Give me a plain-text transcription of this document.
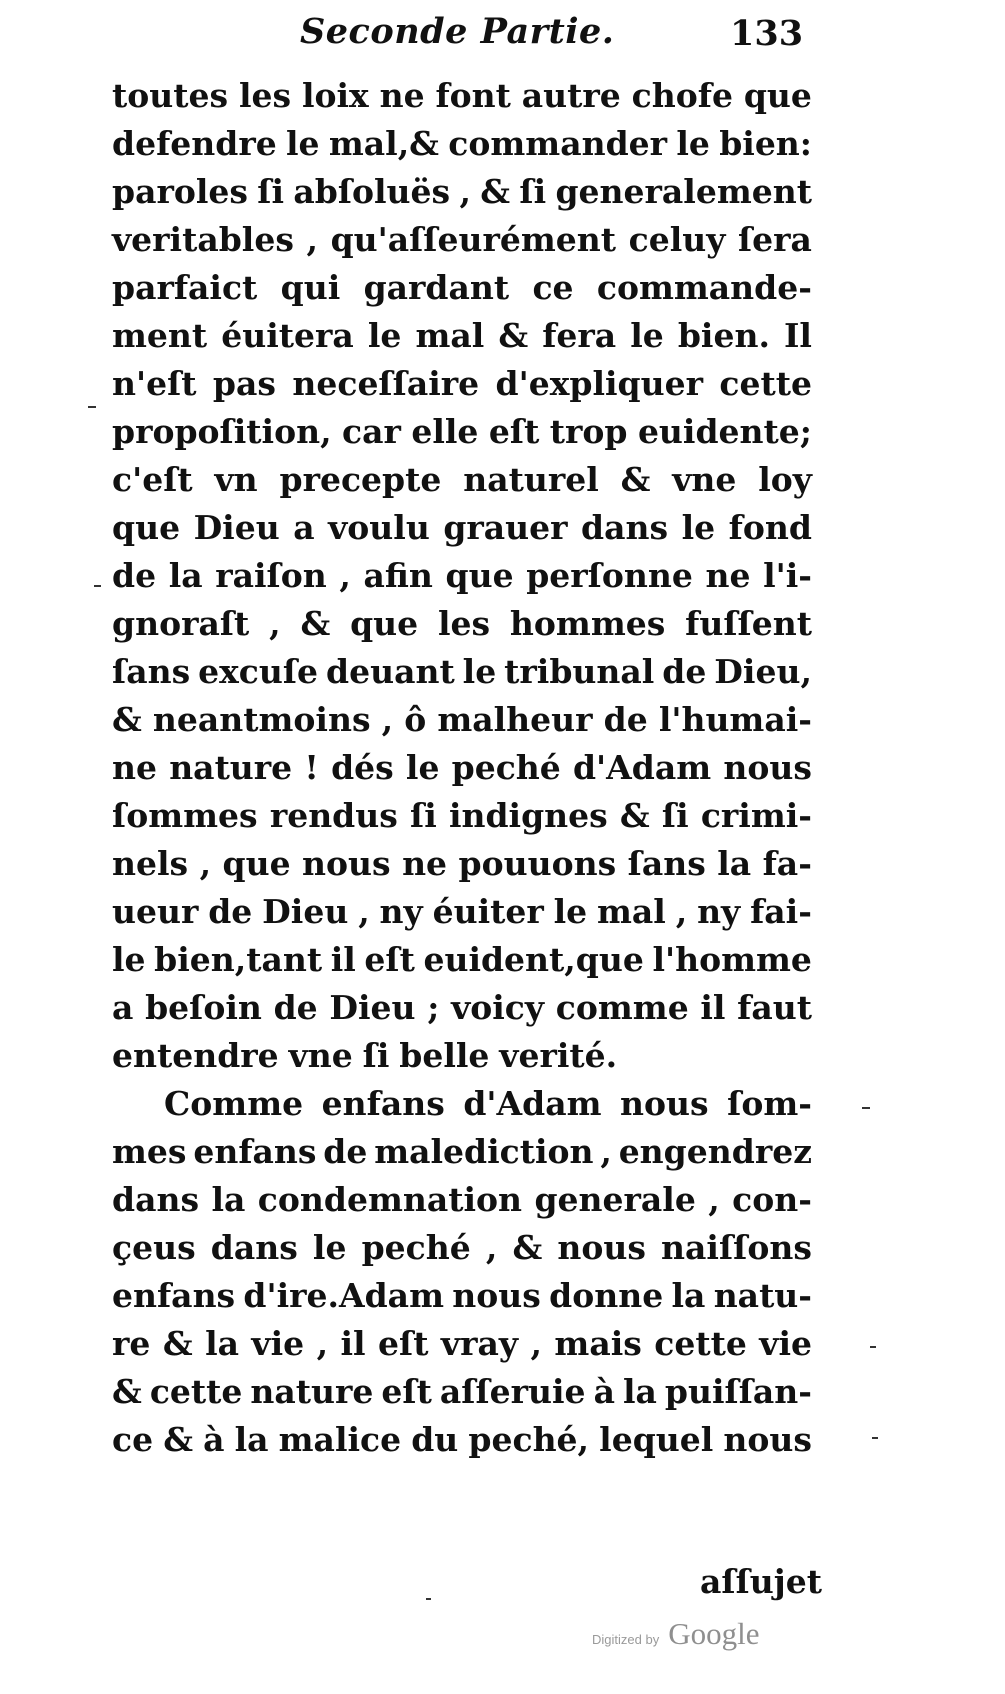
Seconde Partie.	133
toutes les loix ne font autre chofe que
defendre le mal,& commander le bien:
paroles ſi abſoluës , & ſi generalement
veritables , qu'aſſeurément celuy ſera
parfaict qui gardant ce commande-
ment éuitera le mal & fera le bien. Il
n'eſt pas neceſſaire d'expliquer cette
propoſition, car elle eſt trop euidente;
c'eſt vn precepte naturel & vne loy
que Dieu a voulu grauer dans le fond
de la raiſon , afin que perſonne ne l'i-
gnoraſt , & que les hommes fuſſent
ſans excuſe deuant le tribunal de Dieu,
& neantmoins , ô malheur de l'humai-
ne nature ! dés le peché d'Adam nous
ſommes rendus ſi indignes & ſi crimi-
nels , que nous ne pouuons ſans la fa-
ueur de Dieu , ny éuiter le mal , ny fai-
le bien,tant il eſt euident,que l'homme
a beſoin de Dieu ; voicy comme il faut
entendre vne ſi belle verité.
Comme enfans d'Adam nous ſom-
mes enfans de malediction , engendrez
dans la condemnation generale , con-
çeus dans le peché , & nous naiſſons
enfans d'ire.Adam nous donne la natu-
re & la vie , il eſt vray , mais cette vie
& cette nature eſt aſſeruie à la puiſſan-
ce & à la malice du peché, lequel nous
aſſujet
Digitized by Google
